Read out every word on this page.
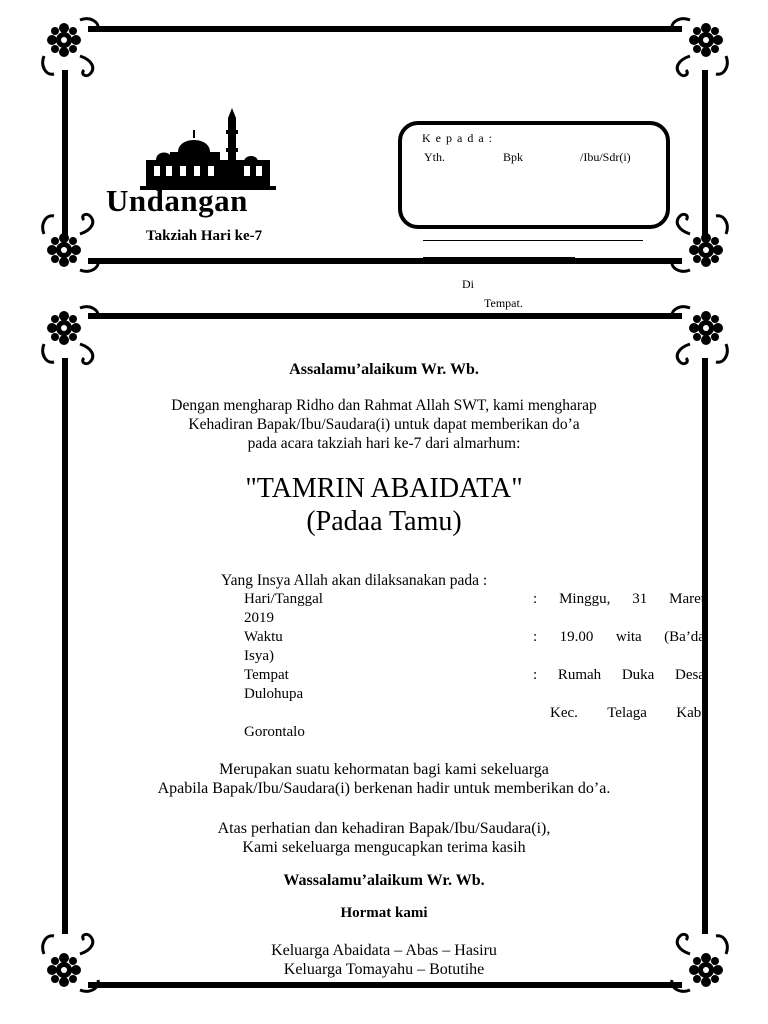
Undangan
Takziah Hari ke-7
K e p a d a :
Yth.	Bpk	/Ibu/Sdr(i)
Di
Tempat.
Assalamu’alaikum Wr. Wb.
Dengan mengharap Ridho dan Rahmat Allah SWT, kami mengharap
Kehadiran Bapak/Ibu/Saudara(i) untuk dapat memberikan do’a
pada acara takziah hari ke-7 dari almarhum:
"TAMRIN ABAIDATA"
(Padaa Tamu)
Yang Insya Allah akan dilaksanakan pada :
Hari/Tanggal	: Minggu, 31 Maret
2019
Waktu	: 19.00 wita (Ba’da
Isya)
Tempat	: Rumah Duka Desa
Dulohupa
Kec. Telaga Kab.
Gorontalo
Merupakan suatu kehormatan bagi kami sekeluarga
Apabila Bapak/Ibu/Saudara(i) berkenan hadir untuk memberikan do’a.
Atas perhatian dan kehadiran Bapak/Ibu/Saudara(i),
Kami sekeluarga mengucapkan terima kasih
Wassalamu’alaikum Wr. Wb.
Hormat kami
Keluarga Abaidata – Abas – Hasiru
Keluarga Tomayahu – Botutihe
